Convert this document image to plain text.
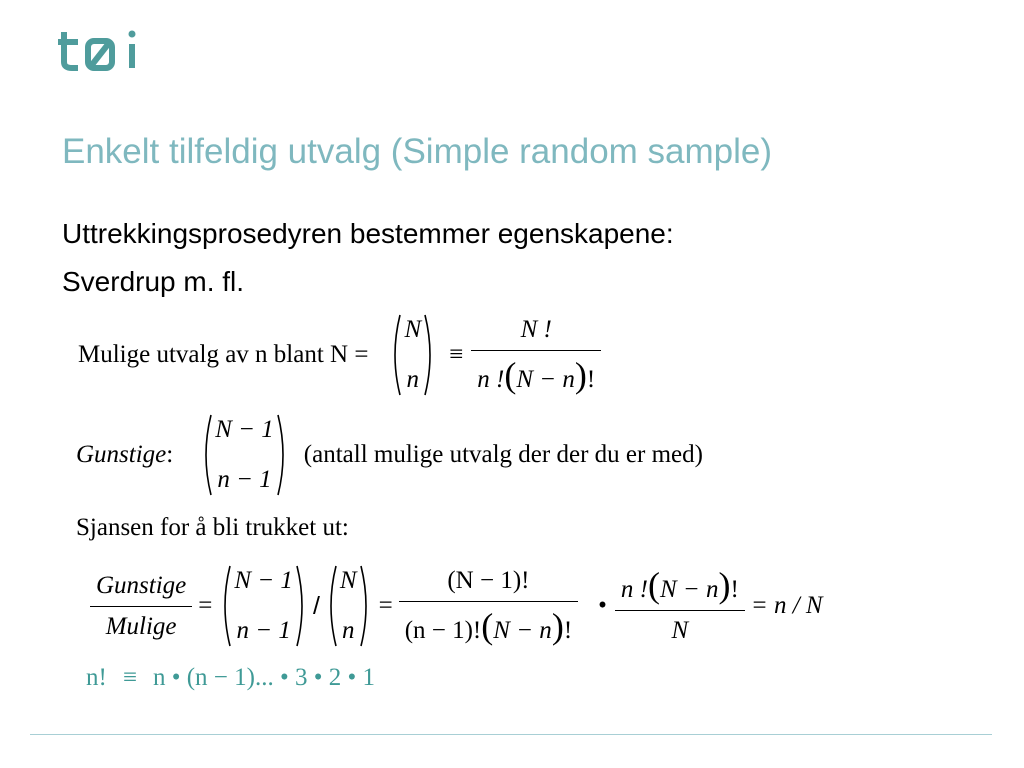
Enkelt tilfeldig utvalg (Simple random sample)
Uttrekkingsprosedyren bestemmer egenskapene:
Sverdrup m. fl.
Mulige utvalg av n blant N =
N
n
≡ $\frac{N !}{n !(N - n)!}$
Gunstige :
N − 1
n − 1
(antall mulige utvalg der der du er med)
Sjansen for å bli trukket ut:
$\frac{\text{Gunstige}}{\text{Mulige}}$ =
N − 1
n − 1
/
N
n
= $\frac{(N - 1)!}{(n - 1)!(N - n)!}$ • $\frac{n !(N - n)!}{N} = n / N$
n! ≡ n • (n − 1)... • 3 • 2 • 1
